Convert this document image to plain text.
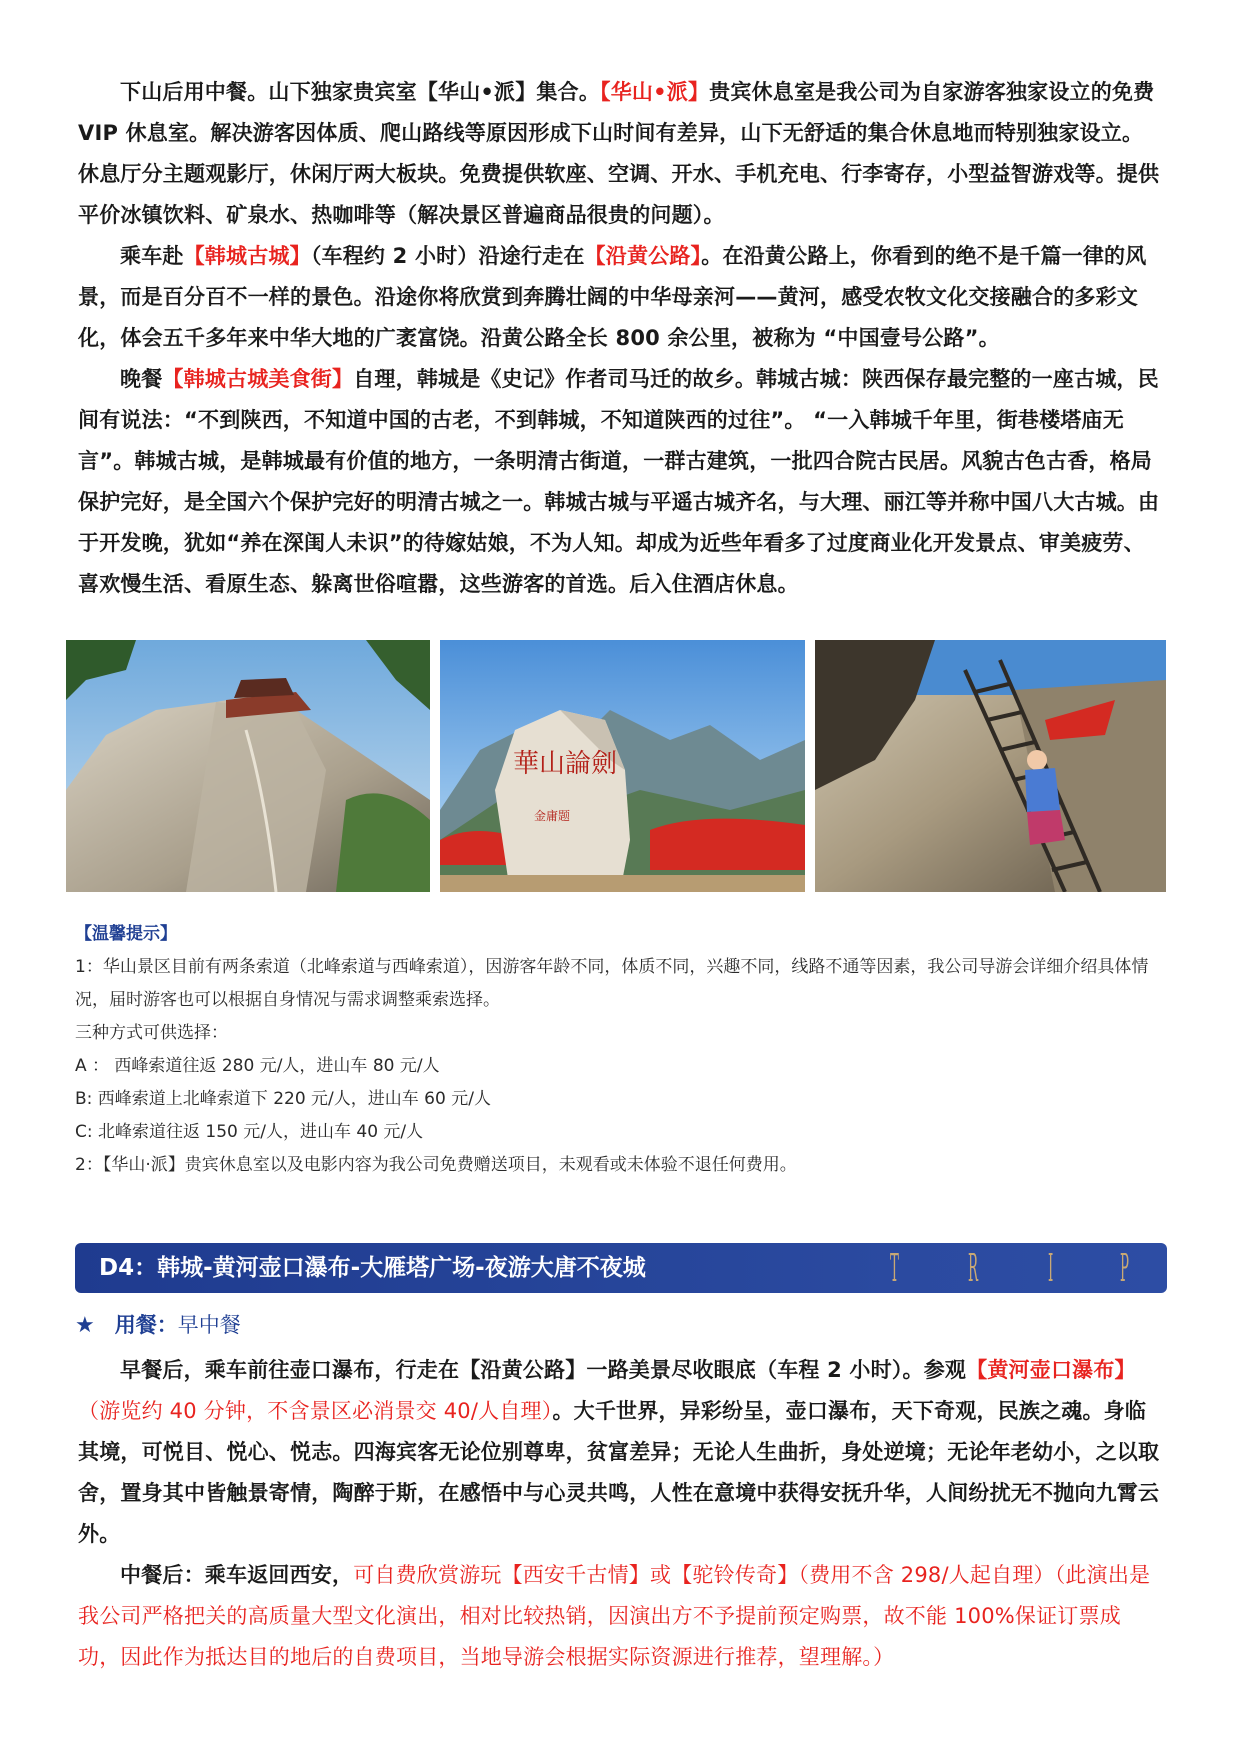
下山后用中餐。山下独家贵宾室【华山•派】集合。【华山•派】贵宾休息室是我公司为自家游客独家设立的免费 VIP 休息室。解决游客因体质、爬山路线等原因形成下山时间有差异，山下无舒适的集合休息地而特别独家设立。休息厅分主题观影厅，休闲厅两大板块。免费提供软座、空调、开水、手机充电、行李寄存，小型益智游戏等。提供平价冰镇饮料、矿泉水、热咖啡等（解决景区普遍商品很贵的问题）。

乘车赴【韩城古城】（车程约 2 小时）沿途行走在【沿黄公路】。在沿黄公路上，你看到的绝不是千篇一律的风景，而是百分百不一样的景色。沿途你将欣赏到奔腾壮阔的中华母亲河——黄河，感受农牧文化交接融合的多彩文化，体会五千多年来中华大地的广袤富饶。沿黄公路全长 800 余公里，被称为 “中国壹号公路”。

晚餐【韩城古城美食街】自理，韩城是《史记》作者司马迁的故乡。韩城古城：陕西保存最完整的一座古城，民间有说法：“不到陕西，不知道中国的古老，不到韩城，不知道陕西的过往”。 “一入韩城千年里，街巷楼塔庙无言”。韩城古城，是韩城最有价值的地方，一条明清古街道，一群古建筑，一批四合院古民居。风貌古色古香，格局保护完好，是全国六个保护完好的明清古城之一。韩城古城与平遥古城齐名，与大理、丽江等并称中国八大古城。由于开发晚，犹如“养在深闺人未识”的待嫁姑娘，不为人知。却成为近些年看多了过度商业化开发景点、审美疲劳、喜欢慢生活、看原生态、躲离世俗喧嚣，这些游客的首选。后入住酒店休息。

華山論劍
金庸题
【温馨提示】
1：华山景区目前有两条索道（北峰索道与西峰索道），因游客年龄不同，体质不同，兴趣不同，线路不通等因素，我公司导游会详细介绍具体情况，届时游客也可以根据自身情况与需求调整乘索选择。
三种方式可供选择：
A ： 西峰索道往返 280 元/人，进山车 80 元/人
B: 西峰索道上北峰索道下 220 元/人，进山车 60 元/人
C: 北峰索道往返 150 元/人，进山车 40 元/人
2：【华山·派】贵宾休息室以及电影内容为我公司免费赠送项目，未观看或未体验不退任何费用。
D4：韩城-黄河壶口瀑布-大雁塔广场-夜游大唐不夜城	T R I P
★ 用餐：早中餐

早餐后，乘车前往壶口瀑布，行走在【沿黄公路】一路美景尽收眼底（车程 2 小时）。参观【黄河壶口瀑布】（游览约 40 分钟，不含景区必消景交 40/人自理）。大千世界，异彩纷呈，壶口瀑布，天下奇观，民族之魂。身临其境，可悦目、悦心、悦志。四海宾客无论位别尊卑，贫富差异；无论人生曲折，身处逆境；无论年老幼小，之以取舍，置身其中皆触景寄情，陶醉于斯，在感悟中与心灵共鸣，人性在意境中获得安抚升华，人间纷扰无不抛向九霄云外。

中餐后：乘车返回西安，可自费欣赏游玩【西安千古情】或【驼铃传奇】（费用不含 298/人起自理）（此演出是我公司严格把关的高质量大型文化演出，相对比较热销，因演出方不予提前预定购票，故不能 100%保证订票成功，因此作为抵达目的地后的自费项目，当地导游会根据实际资源进行推荐，望理解。）
